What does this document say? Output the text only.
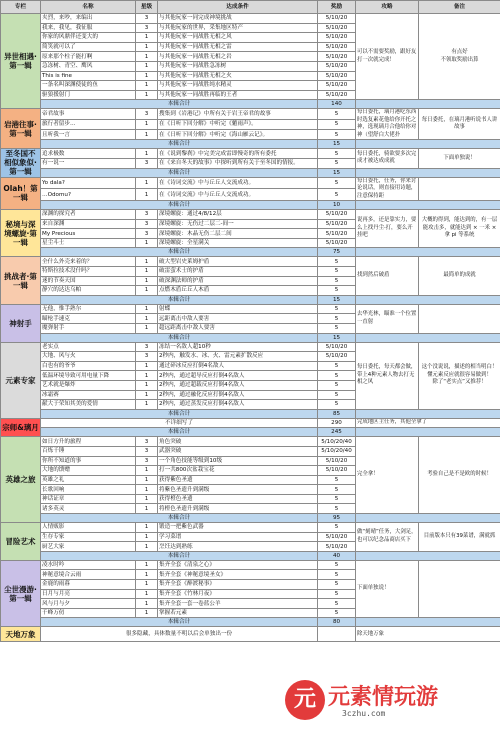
专栏	名称	星级	达成条件	奖励	攻略	备注
异世相遇·第一辑	夹烈，来吵，来编出	3	与其他玩家一同完成神境挑战	5/10/20	可以不需要奖励，跟好友打一次就完成！	有点好
不领取奖励出算

	我来，我见，我征服	3	与其他玩家的世界，采集地区特产	5/10/20		
	你家的风鼎伴还变大的	1	与其他玩家一同战胜无相之风	5/10/20		
	简笑就可以了	1	与其他玩家一同战胜无相之雷	5/10/20		
	原来那个柱子能打啊	1	与其他玩家一同战胜无相之岩	5/10/20		
	急冻树、青空、鹰风	1	与其他玩家一同战胜急冻树	5/10/20		
	This is fine	1	与其他玩家一同战胜无相之火	5/10/20		
	一条名叫深渊使徒的鱼	1	与其他玩家一同战胜纯水精灵	5/10/20		
	驱狼援射门	1	与其他玩家一同战胜再临的王者	5/10/20		
	本辑合计			140		
岩港往事·第一辑	帝君故事	3	搜集到《岩港记》中所有关于岩王帝君的故事	5	每日委托，璃月港吃东西时选复素花他给你开托之神，选现璃月合他给你对神（望舒白大佬扑	每日委托，在璃月港听说书人讲故事

	旅行者留步…	1	在《日听下回分解》中听完《魈雨声》。	5		
	且听我一言	1	在《日听下回分解》中听完《海山雁云记》。	5		
	本辑合计			15		
至冬国不相似象似·第一辑	追求极数	1	在《说到黎刹》中完美完成雷即慢奇的所有委托	5	每日委托，骑欲要多次完成才被达成成就	下面单独说！

	有一说一	3	在《来自冬天的故事》中探听到所有关于至冬国的情报。	5		
	本辑合计			15		
Olah！第一辑	Yo dala?	1	在《诗词交流》中与丘丘人交流成功。	5	每日委托，任务，你来讨论说话，则直接用诗题，注意保持距	
	…Odomu?	1	在《诗词交流》中与丘丘人交流成功。	5		
	本辑合计			10		
秘境与深境螺旋·第一辑	深渊的探究者	3	深境螺旋：通过4/8/12层	5/10/20	说再多，还是靠实力，要么上找丹尘·打，要么开挂吧	大概的得到，能达到的，有一层能攻击多，就能达到 × 一米 × 拿 pi 等系统

	来自深渊	3	深境螺旋：无伤过二层二-间一	5/10/20		
	My Precious	3	深境螺旋：木晶无伤二层二间	5/10/20		
	星尘斗士	1	深境螺旋：全星满关	5/10/20		
	本辑合计			75		
挑战者·第一辑	全什么外壳来着的？	1	破大型岩史萊姆护盾	5	找到然后破盾	最简单的成就

	特斯拉技术没什吗？	1	破雷萤术士的护盾	5		
	迷的节奏天国	1	破深渊法师的护盾	5		
	静穴的达达乌帕	1	点燃木盾丘丘人木盾	5		
	本辑合计			15		
神射手	无他，惟手熟尔	1	射蝶	5	去华光林，瞄准一个位置一直射	
	瞄枪手速克	1	远距离击中敌人要害	5		
	魔弹射手	1	超远距离击中敌人要害	5		
	本辑合计			15		
元素专家	老实点	3	冻结一名敌人超10秒	5/10/20	每日委托，每天都会做，带上4种元素人物去打无相之风	这个没说说，描述的相当明白！懂元素反应就很容易做到！
除了“老实点”又推荐！

	大地、风与火	3	2秒内，触发水、冰、火、雷元素扩散反应	5/10/20		
	白也有的爷爷	1	通过碎冰反应打倒4名敌人	5		
	低温环境导致可用电量下降	1	2秒内，通过超导反应打倒4名敌人	5		
	艺术就是爆炸	1	2秒内，通过超载反应打倒4名敌人	5		
	冰霜赛	1	2秒内，通过融化反应打倒4名敌人	5		
	献大于荣知其美的爱情	1	2秒内，通过蒸发反应打倒4名敌人	5		
	本辑合计			85		
宗师&璃月	不详细写了			290	完成地区主任务，其他全拿了	
	本辑合计			245		
英雄之旅	如日方升的旅程	3	角色突破	5/10/20/40	完全拿！	考验自己是不是欧的时候！

	百炼千锤	3	武器突破	5/10/20/40		
	你所不知道的事	3	一个角色技能等级到10级	5/10/20		
	大地的馈赠	1	打一共800次盆栽宝花	5/10/20		
	英雄之礼	1	获得紫色圣遗	5		
	长歌回响	1	将紫色圣遗升到满级	5		
	神话证章	1	获得橙色圣遗	5		
	诸多英灵	1	将橙色圣遗升到满级	5		
	本辑合计			95		
冒险艺术	人情贩影	1	锻造一把紫色武器	5	做“刻晴”任务，大剑足，也可以纪念品商店买下	目前版本只有39菜谱，满就抓

	生存专家	1	学习菜谱	5/10/20		
	厨艺大家	1	烹饪达到熟练	5/10/20		
	本辑合计			40		
尘世漫游·第一辑	凌水时吟	1	集齐全套《清泉之心》	5	下面单独说！	
	神秘意境合云雨	1	集齐全套《神秘意境圣女》	5		
	金鹿的雨暮	1	集齐全套《醉渡秘事》	5		
	日月与月亮	1	集齐全套《竹林月夜》	5		
	风与月与夕	1	集齐全套一套一卷蓝公羊	5		
	千峰万仞	1	掌握若元素	5		
	本辑合计			80		
天地万象	很多隐藏，具体数量不明以后会单独出一份				除天地万象	
元 元素情玩游
3czhu.com
